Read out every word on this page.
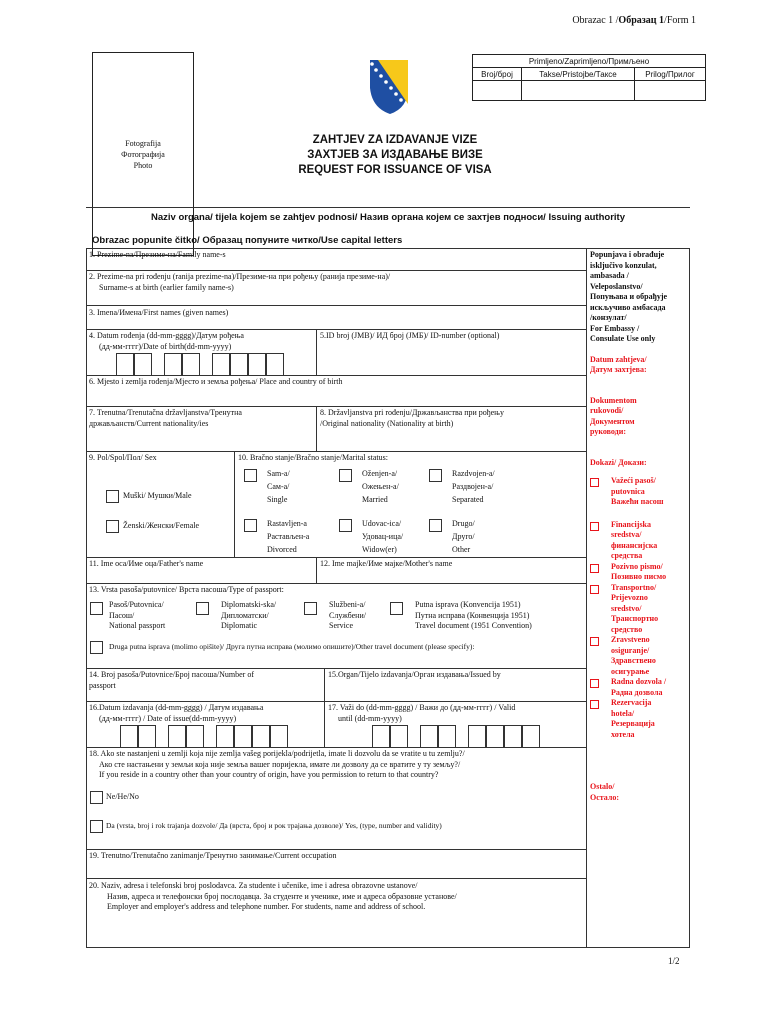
Obrazac 1 /Образац 1/Form 1
Fotografija
Фотографија
Photo
ZAHTJEV ZA IZDAVANJE VIZE
ЗАХТЈЕВ ЗА ИЗДАВАЊЕ ВИЗЕ
REQUEST FOR ISSUANCE OF VISA
Primljeno/Zaprimljeno/Примљено		
Broj/број	Takse/Pristojbe/Таксе	Prilog/Прилог

Naziv organa/ tijela kojem se zahtjev podnosi/ Назив органа којем се захтјев подноси/ Issuing authority
Obrazac popunite čitko/ Образац попуните читко/Use capital letters
1. Prezime-na/Презиме-на/Family name-s
2. Prezime-na pri rođenju (ranija prezime-na)/Презиме-на при рођењу (ранија презиме-на)/
Surname-s at birth (earlier family name-s)
3. Imena/Имена/First names (given names)
4. Datum rođenja (dd-mm-gggg)/Датум рођења
(дд-мм-гггг)/Date of birth(dd-mm-yyyy)
5.ID broj (JMB)/ ИД број (ЈМБ)/ ID-number (optional)
6. Mjesto i zemlja rođenja/Мјесто и земља рођења/ Place and country of birth
7. Trenutna/Trenutačna državljanstva/Тренутна
држављанств/Current nationality/ies
8. Državljanstva pri rođenju/Држављанства при рођењу
/Original nationality (Nationality at birth)
9. Pol/Spol/Пол/ Sex
Muški/ Мушки/Male
Ženski/Женски/Female
10. Bračno stanje/Bračno stanje/Marital status:
Sam-a/
Сам-а/
Single
Oženjen-a/
Ожењен-а/
Married
Razdvojen-a/
Раздвојен-а/
Separated
Rastavljen-a
Растављен-а
Divorced
Udovac-ica/
Удовац-ица/
Widow(er)
Drugo/
Друго/
Other
11. Ime oca/Име оца/Father's name	12. Ime majke/Име мајке/Mother's name
13. Vrsta pasoša/putovnice/ Врста пасоша/Type of passport:
Pasoš/Putovnica/
Пасош/
National passport
Diplomatski-ska/
Дипломатски/
Diplomatic
Službeni-a/
Службени/
Service
Putna isprava (Konvencija 1951)
Путна исправа (Конвенција 1951)
Travel document (1951 Convention)
Druga putna isprava (molimo opišite)/ Друга путна исправа (молимо опишите)/Other travel document (please specify):
14. Broj pasoša/Putovnice/Број пасоша/Number of
passport
15.Organ/Tijelo izdavanja/Орган издавања/Issued by
16.Datum izdavanja (dd-mm-gggg) / Датум издавања
(дд-мм-гггг) / Date of issue(dd-mm-yyyy)
17. Važi do (dd-mm-gggg) / Важи до (дд-мм-гггг) / Valid
until (dd-mm-yyyy)
18. Ako ste nastanjeni u zemlji koja nije zemlja vašeg porijekla/podrijetla, imate li dozvolu da se vratite u tu zemlju?/
Ако сте настањени у земљи која није земља вашег поријекла, имате ли дозволу да се вратите у ту земљу?/
If you reside in a country other than your country of origin, have you permission to return to that country?
Ne/Не/No
Da (vrsta, broj i rok trajanja dozvole/ Да (врста, број и рок трајања дозволе)/ Yes, (type, number and validity)
19. Trenutno/Trenutačno zanimanje/Тренутно занимање/Current occupation
20. Naziv, adresa i telefonski broj poslodavca. Za studente i učenike, ime i adresa obrazovne ustanove/
Назив, адреса и телефонски број послодавца. За студенте и ученике, име и адреса образовне установе/
Employer and employer's address and telephone number. For students, name and address of school.
Popunjava i obrađuje
isključivo konzulat,
ambasada /
Veleposlanstvo/
Попуњава и обрађује
искључиво амбасада
/конзулат/
For Embassy /
Consulate Use only
Datum zahtjeva/
Датум захтјева:
Dokumentom
rukovodi/
Документом
руководи:
Dokazi/ Докази:
Važeći pasoš/
putovnica
Важећи пасош
Financijska
sredstva/
финансијска
средства
Pozivno pismo/
Позивно писмо
Transportno/
Prijevozno
sredstvo/
Транспортно
средство
Zravstveno
osiguranje/
Здравствено
осигурање
Radna dozvola /
Радна дозвола
Rezervacija
hotela/
Резервација
хотела
Ostalo/
Остало:
1/2
